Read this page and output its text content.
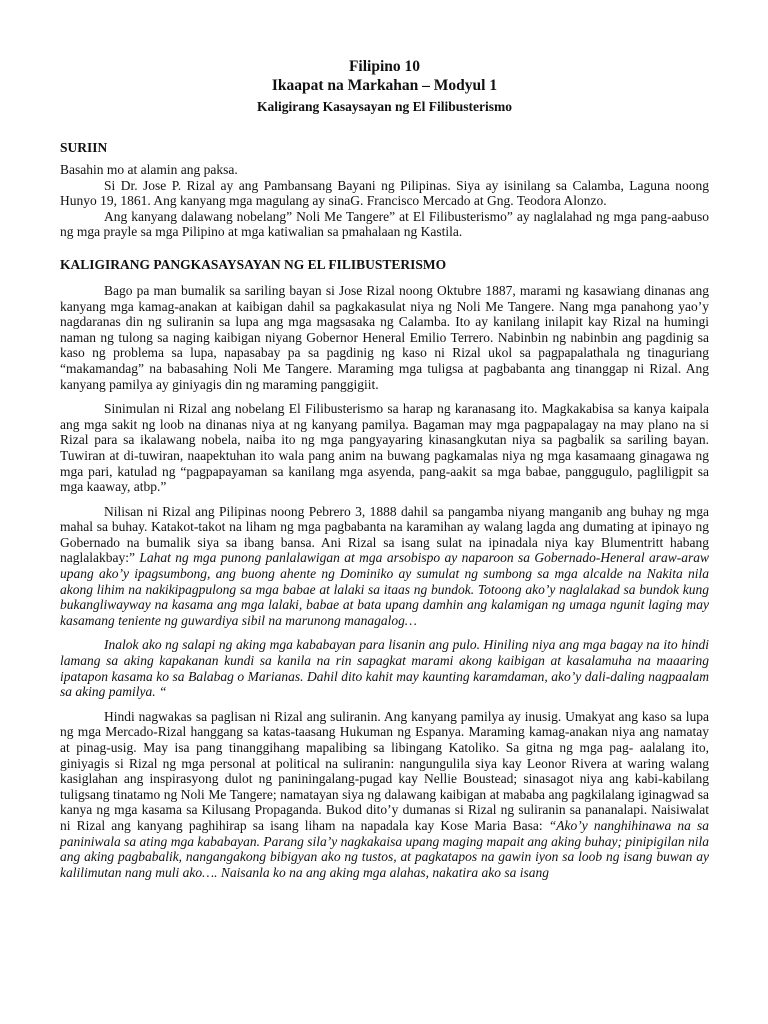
Filipino 10
Ikaapat na Markahan – Modyul 1
Kaligirang Kasaysayan ng El Filibusterismo
SURIIN

Basahin mo at alamin ang paksa.

Si Dr. Jose P. Rizal ay ang Pambansang Bayani ng Pilipinas. Siya ay isinilang sa Calamba, Laguna noong Hunyo 19, 1861. Ang kanyang mga magulang ay sinaG. Francisco Mercado at Gng. Teodora Alonzo.

Ang kanyang dalawang nobelang” Noli Me Tangere” at El Filibusterismo” ay naglalahad ng mga pang-aabuso ng mga prayle sa mga Pilipino at mga katiwalian sa pmahalaan ng Kastila.

KALIGIRANG PANGKASAYSAYAN NG EL FILIBUSTERISMO

Bago pa man bumalik sa sariling bayan si Jose Rizal noong Oktubre 1887, marami ng kasawiang dinanas ang kanyang mga kamag-anakan at kaibigan dahil sa pagkakasulat niya ng Noli Me Tangere. Nang mga panahong yao’y nagdaranas din ng suliranin sa lupa ang mga magsasaka ng Calamba. Ito ay kanilang inilapit kay Rizal na humingi naman ng tulong sa naging kaibigan niyang Gobernor Heneral Emilio Terrero. Nabinbin ng nabinbin ang pagdinig sa kaso ng problema sa lupa, napasabay pa sa pagdinig ng kaso ni Rizal ukol sa pagpapalathala ng tinaguriang “makamandag” na babasahing Noli Me Tangere. Maraming mga tuligsa at pagbabanta ang tinanggap ni Rizal. Ang kanyang pamilya ay giniyagis din ng maraming panggigiit.

Sinimulan ni Rizal ang nobelang El Filibusterismo sa harap ng karanasang ito. Magkakabisa sa kanya kaipala ang mga sakit ng loob na dinanas niya at ng kanyang pamilya. Bagaman may mga pagpapalagay na may plano na si Rizal para sa ikalawang nobela, naiba ito ng mga pangyayaring kinasangkutan niya sa pagbalik sa sariling bayan. Tuwiran at di-tuwiran, naapektuhan ito wala pang anim na buwang pagkamalas niya ng mga kasamaang ginagawa ng mga pari, katulad ng “pagpapayaman sa kanilang mga asyenda, pang-aakit sa mga babae, panggugulo, pagliligpit sa mga kaaway, atbp.”

Nilisan ni Rizal ang Pilipinas noong Pebrero 3, 1888 dahil sa pangamba niyang manganib ang buhay ng mga mahal sa buhay. Katakot-takot na liham ng mga pagbabanta na karamihan ay walang lagda ang dumating at ipinayo ng Gobernado na bumalik siya sa ibang bansa. Ani Rizal sa isang sulat na ipinadala niya kay Blumentritt habang naglalakbay:” Lahat ng mga punong panlalawigan at mga arsobispo ay naparoon sa Gobernado-Heneral araw-araw upang ako’y ipagsumbong, ang buong ahente ng Dominiko ay sumulat ng sumbong sa mga alcalde na Nakita nila akong lihim na nakikipagpulong sa mga babae at lalaki sa itaas ng bundok. Totoong ako’y naglalakad sa bundok kung bukangliwayway na kasama ang mga lalaki, babae at bata upang damhin ang kalamigan ng umaga ngunit laging may kasamang teniente ng guwardiya sibil na marunong managalog…

Inalok ako ng salapi ng aking mga kababayan para lisanin ang pulo. Hiniling niya ang mga bagay na ito hindi lamang sa aking kapakanan kundi sa kanila na rin sapagkat marami akong kaibigan at kasalamuha na maaaring ipatapon kasama ko sa Balabag o Marianas. Dahil dito kahit may kaunting karamdaman, ako’y dali-daling nagpaalam sa aking pamilya. “

Hindi nagwakas sa paglisan ni Rizal ang suliranin. Ang kanyang pamilya ay inusig. Umakyat ang kaso sa lupa ng mga Mercado-Rizal hanggang sa katas-taasang Hukuman ng Espanya. Maraming kamag-anakan niya ang namatay at pinag-usig. May isa pang tinanggihang mapalibing sa libingang Katoliko. Sa gitna ng mga pag- aalalang ito, giniyagis si Rizal ng mga personal at political na suliranin: nangungulila siya kay Leonor Rivera at waring walang kasiglahan ang inspirasyong dulot ng paniningalang-pugad kay Nellie Boustead; sinasagot niya ang kabi-kabilang tuligsang tinatamo ng Noli Me Tangere; namatayan siya ng dalawang kaibigan at mababa ang pagkilalang iginagwad sa kanya ng mga kasama sa Kilusang Propaganda. Bukod dito’y dumanas si Rizal ng suliranin sa pananalapi. Naisiwalat ni Rizal ang kanyang paghihirap sa isang liham na napadala kay Kose Maria Basa: “Ako’y nanghihinawa na sa paniniwala sa ating mga kababayan. Parang sila’y nagkakaisa upang maging mapait ang aking buhay; pinipigilan nila ang aking pagbabalik, nangangakong bibigyan ako ng tustos, at pagkatapos na gawin iyon sa loob ng isang buwan ay kalilimutan nang muli ako…. Naisanla ko na ang aking mga alahas, nakatira ako sa isang
